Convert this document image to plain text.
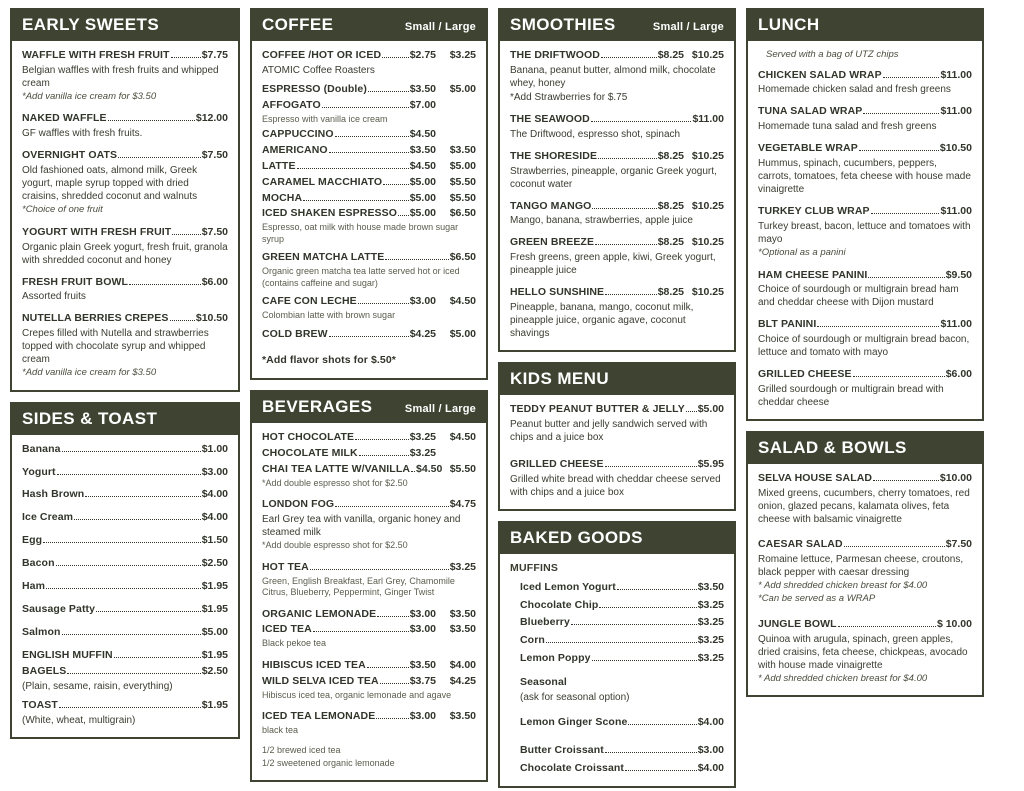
EARLY SWEETS
WAFFLE WITH FRESH FRUIT	$7.75
Belgian waffles with fresh fruits and whipped cream
*Add vanilla ice cream for $3.50
NAKED WAFFLE	$12.00
GF waffles with fresh fruits.
OVERNIGHT OATS	$7.50
Old fashioned oats, almond milk, Greek yogurt, maple syrup topped with dried craisins, shredded coconut and walnuts
*Choice of one fruit
YOGURT WITH FRESH FRUIT	$7.50
Organic plain Greek yogurt, fresh fruit, granola with shredded coconut and honey
FRESH FRUIT BOWL	$6.00
Assorted fruits
NUTELLA BERRIES CREPES	$10.50
Crepes filled with Nutella and strawberries topped with chocolate syrup and whipped cream
*Add vanilla ice cream for $3.50
SIDES & TOAST
Banana	$1.00
Yogurt	$3.00
Hash Brown	$4.00
Ice Cream	$4.00
Egg	$1.50
Bacon	$2.50
Ham	$1.95
Sausage Patty	$1.95
Salmon	$5.00
ENGLISH MUFFIN	$1.95
BAGELS	$2.50
(Plain, sesame, raisin, everything)
TOAST	$1.95
(White, wheat, multigrain)
COFFEE	Small / Large
COFFEE /HOT OR ICED	$2.75	$3.25
ATOMIC Coffee Roasters
ESPRESSO (Double)	$3.50	$5.00
AFFOGATO	$7.00
Espresso with vanilla ice cream
CAPPUCCINO	$4.50
AMERICANO	$3.50	$3.50
LATTE	$4.50	$5.00
CARAMEL MACCHIATO	$5.00	$5.50
MOCHA	$5.00	$5.50
ICED SHAKEN ESPRESSO $5.00	$6.50
Espresso, oat milk with house made brown sugar syrup
GREEN MATCHA LATTE	$6.50
Organic green matcha tea latte served hot or iced (contains caffeine and sugar)
CAFE CON LECHE	$3.00	$4.50
Colombian latte with brown sugar
COLD BREW	$4.25	$5.00
*Add flavor shots for $.50*
BEVERAGES	Small / Large
HOT CHOCOLATE	$3.25	$4.50
CHOCOLATE MILK	$3.25
CHAI TEA LATTE W/VANILLA $4.50 $5.50
*Add double espresso shot for $2.50
LONDON FOG	$4.75
Earl Grey tea with vanilla, organic honey and steamed milk
*Add double espresso shot for $2.50
HOT TEA	$3.25
Green, English Breakfast, Earl Grey, Chamomile Citrus, Blueberry, Peppermint, Ginger Twist
ORGANIC LEMONADE	$3.00	$3.50
ICED TEA	$3.00	$3.50
Black pekoe tea
HIBISCUS ICED TEA	$3.50	$4.00
WILD SELVA ICED TEA	$3.75	$4.25
Hibiscus iced tea, organic lemonade and agave
ICED TEA LEMONADE	$3.00	$3.50
black tea
1/2 brewed iced tea
1/2 sweetened organic lemonade
SMOOTHIES	Small / Large
THE DRIFTWOOD	$8.25 $10.25
Banana, peanut butter, almond milk, chocolate whey, honey
*Add Strawberries for $.75
THE SEAWOOD	$11.00
The Driftwood, espresso shot, spinach
THE SHORESIDE	$8.25 $10.25
Strawberries, pineapple, organic Greek yogurt, coconut water
TANGO MANGO	$8.25 $10.25
Mango, banana, strawberries, apple juice
GREEN BREEZE	$8.25 $10.25
Fresh greens, green apple, kiwi, Greek yogurt, pineapple juice
HELLO SUNSHINE	$8.25 $10.25
Pineapple, banana, mango, coconut milk, pineapple juice, organic agave, coconut shavings
KIDS MENU
TEDDY PEANUT BUTTER & JELLY $5.00
Peanut butter and jelly sandwich served with chips and a juice box
GRILLED CHEESE	$5.95
Grilled white bread with cheddar cheese served with chips and a juice box
BAKED GOODS
MUFFINS
Iced Lemon Yogurt	$3.50
Chocolate Chip	$3.25
Blueberry	$3.25
Corn	$3.25
Lemon Poppy	$3.25
Seasonal
(ask for seasonal option)
Lemon Ginger Scone	$4.00
Butter Croissant	$3.00
Chocolate Croissant	$4.00
LUNCH
Served with a bag of UTZ chips
CHICKEN SALAD WRAP	$11.00
Homemade chicken salad and fresh greens
TUNA SALAD WRAP	$11.00
Homemade tuna salad and fresh greens
VEGETABLE WRAP	$10.50
Hummus, spinach, cucumbers, peppers, carrots, tomatoes, feta cheese with house made vinaigrette
TURKEY CLUB WRAP	$11.00
Turkey breast, bacon, lettuce and tomatoes with mayo
*Optional as a panini
HAM CHEESE PANINI	$9.50
Choice of sourdough or multigrain bread ham and cheddar cheese with Dijon mustard
BLT PANINI	$11.00
Choice of sourdough or multigrain bread bacon, lettuce and tomato with mayo
GRILLED CHEESE	$6.00
Grilled sourdough or multigrain bread with cheddar cheese
SALAD & BOWLS
SELVA HOUSE SALAD	$10.00
Mixed greens, cucumbers, cherry tomatoes, red onion, glazed pecans, kalamata olives, feta cheese with balsamic vinaigrette
CAESAR SALAD	$7.50
Romaine lettuce, Parmesan cheese, croutons, black pepper with caesar dressing
* Add shredded chicken breast for $4.00
*Can be served as a WRAP
JUNGLE BOWL	$ 10.00
Quinoa with arugula, spinach, green apples, dried craisins, feta cheese, chickpeas, avocado with house made vinaigrette
* Add shredded chicken breast for $4.00
